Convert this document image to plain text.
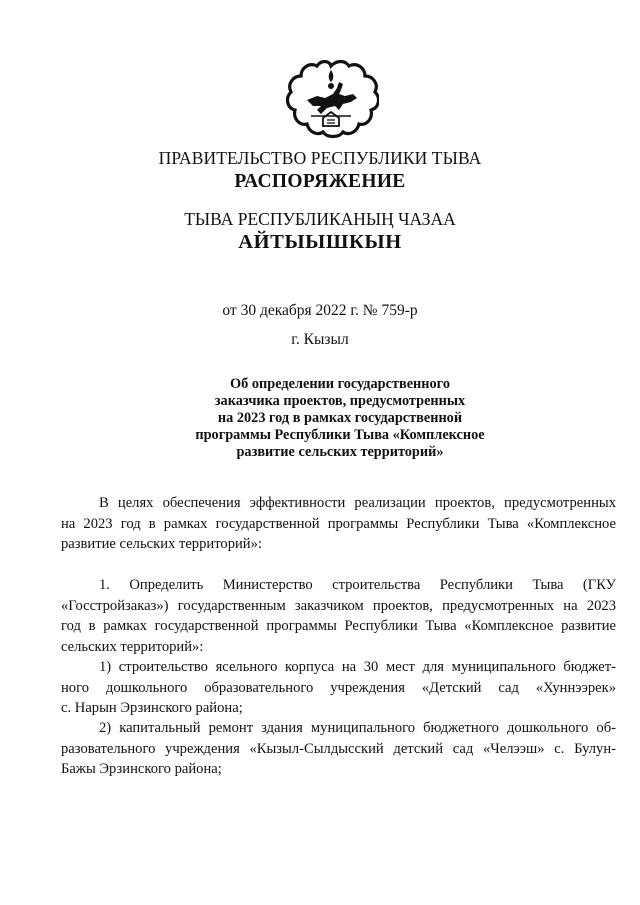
ПРАВИТЕЛЬСТВО РЕСПУБЛИКИ ТЫВА
РАСПОРЯЖЕНИЕ
ТЫВА РЕСПУБЛИКАНЫҢ ЧАЗАА
АЙТЫЫШКЫН
от 30 декабря 2022 г. № 759-р
г. Кызыл
Об определении государственного
заказчика проектов, предусмотренных
на 2023 год в рамках государственной
программы Республики Тыва «Комплексное
развитие сельских территорий»
В целях обеспечения эффективности реализации проектов, предусмотренных
на 2023 год в рамках государственной программы Республики Тыва «Комплексное
развитие сельских территорий»:
1. Определить Министерство строительства Республики Тыва (ГКУ
«Госстройзаказ») государственным заказчиком проектов, предусмотренных на 2023
год в рамках государственной программы Республики Тыва «Комплексное развитие
сельских территорий»:
1) строительство ясельного корпуса на 30 мест для муниципального бюджет-
ного дошкольного образовательного учреждения «Детский сад «Хуннээрек»
с. Нарын Эрзинского района;
2) капитальный ремонт здания муниципального бюджетного дошкольного об-
разовательного учреждения «Кызыл-Сылдысский детский сад «Челээш» с. Булун-
Бажы Эрзинского района;
